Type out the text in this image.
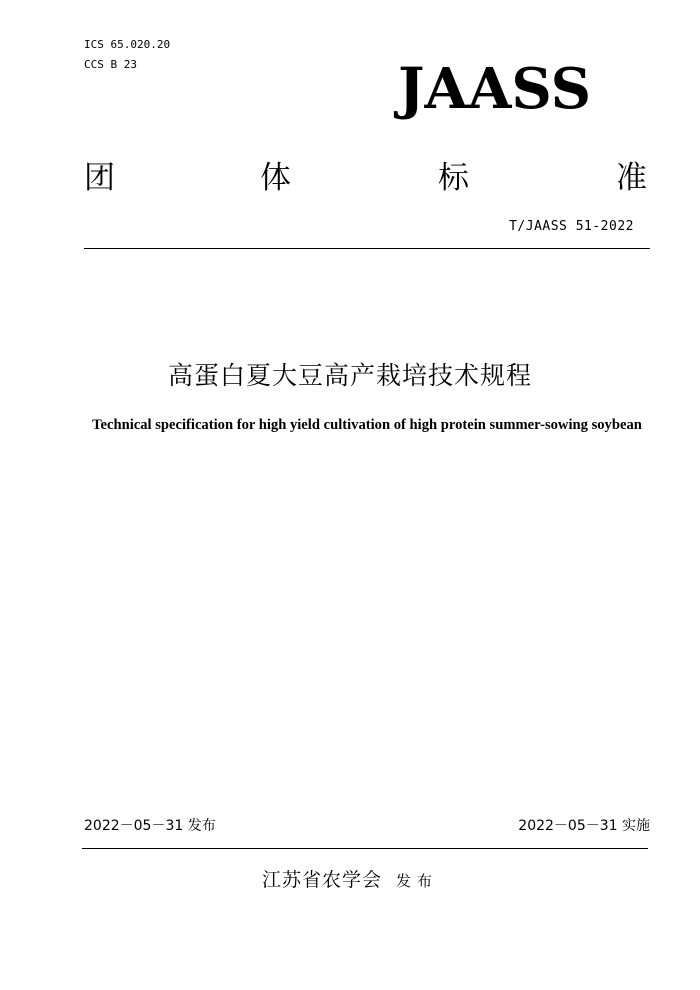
ICS 65.020.20
CCS B 23	JAASS
团	体	标	准
T/JAASS 51-2022
高蛋白夏大豆高产栽培技术规程
Technical specification for high yield cultivation of high protein summer-sowing soybean
2022－05－31 发布	2022－05－31 实施
江苏省农学会 发布
